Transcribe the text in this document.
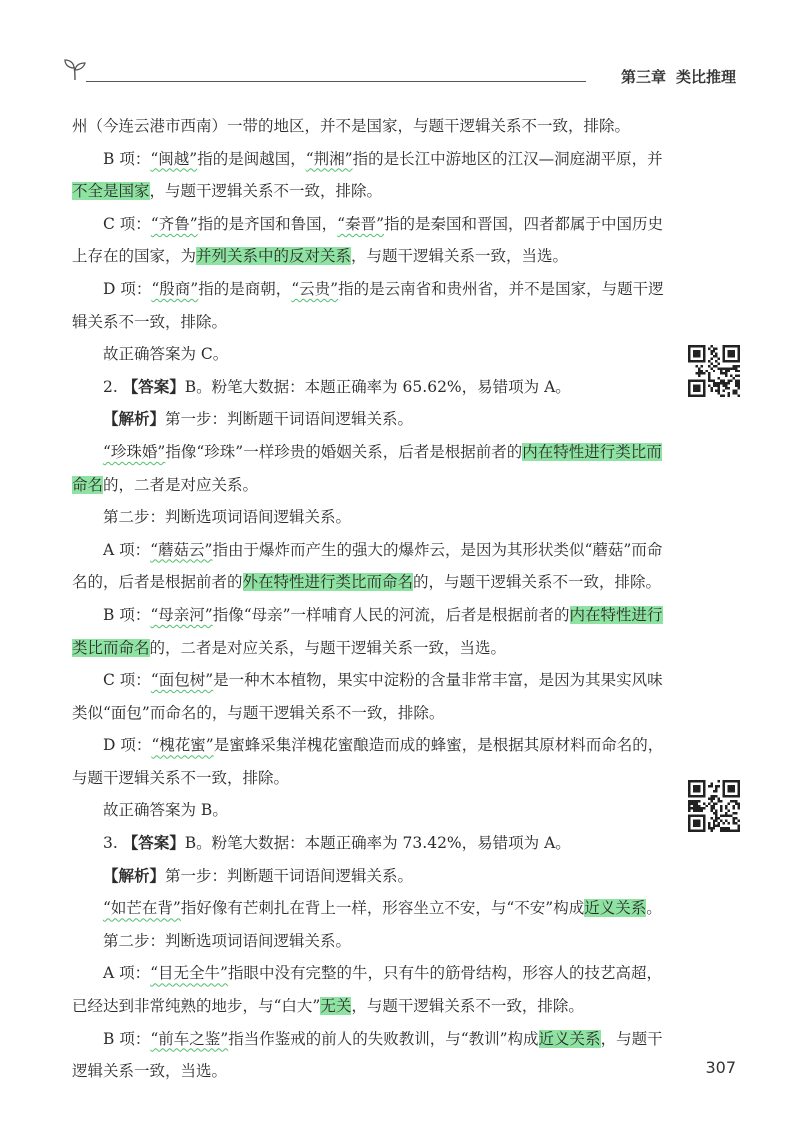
第三章 类比推理

州（今连云港市西南）一带的地区，并不是国家，与题干逻辑关系不一致，排除。

B 项：“闽越”指的是闽越国，“荆湘”指的是长江中游地区的江汉—洞庭湖平原，并不全是国家，与题干逻辑关系不一致，排除。

C 项：“齐鲁”指的是齐国和鲁国，“秦晋”指的是秦国和晋国，四者都属于中国历史上存在的国家，为并列关系中的反对关系，与题干逻辑关系一致，当选。

D 项：“殷商”指的是商朝，“云贵”指的是云南省和贵州省，并不是国家，与题干逻辑关系不一致，排除。

故正确答案为 C。

2. 【答案】B。粉笔大数据：本题正确率为 65.62%，易错项为 A。

【解析】第一步：判断题干词语间逻辑关系。

“珍珠婚”指像“珍珠”一样珍贵的婚姻关系，后者是根据前者的内在特性进行类比而命名的，二者是对应关系。

第二步：判断选项词语间逻辑关系。

A 项：“蘑菇云”指由于爆炸而产生的强大的爆炸云，是因为其形状类似“蘑菇”而命名的，后者是根据前者的外在特性进行类比而命名的，与题干逻辑关系不一致，排除。

B 项：“母亲河”指像“母亲”一样哺育人民的河流，后者是根据前者的内在特性进行类比而命名的，二者是对应关系，与题干逻辑关系一致，当选。

C 项：“面包树”是一种木本植物，果实中淀粉的含量非常丰富，是因为其果实风味类似“面包”而命名的，与题干逻辑关系不一致，排除。

D 项：“槐花蜜”是蜜蜂采集洋槐花蜜酿造而成的蜂蜜，是根据其原材料而命名的，与题干逻辑关系不一致，排除。

故正确答案为 B。

3. 【答案】B。粉笔大数据：本题正确率为 73.42%，易错项为 A。

【解析】第一步：判断题干词语间逻辑关系。

“如芒在背”指好像有芒刺扎在背上一样，形容坐立不安，与“不安”构成近义关系。

第二步：判断选项词语间逻辑关系。

A 项：“目无全牛”指眼中没有完整的牛，只有牛的筋骨结构，形容人的技艺高超，已经达到非常纯熟的地步，与“白大”无关，与题干逻辑关系不一致，排除。

B 项：“前车之鉴”指当作鉴戒的前人的失败教训，与“教训”构成近义关系，与题干逻辑关系一致，当选。	307
